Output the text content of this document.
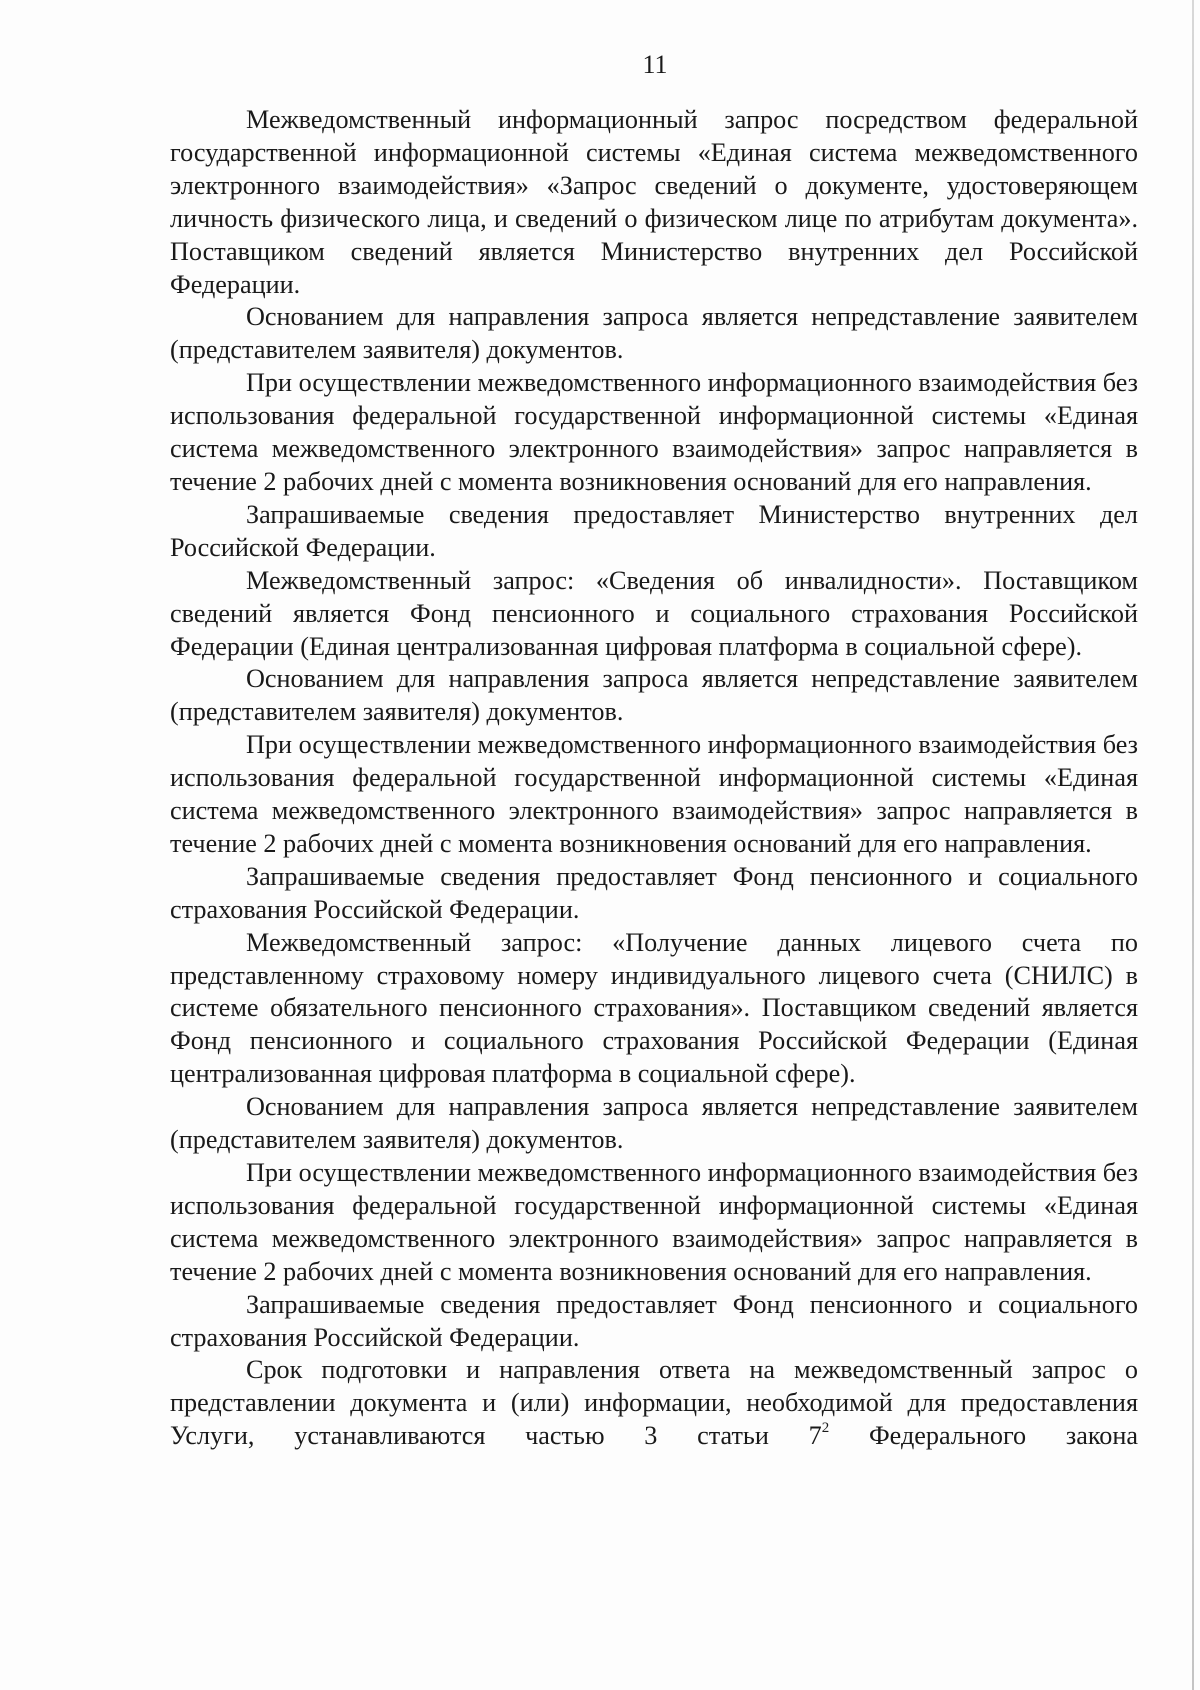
11

Межведомственный информационный запрос посредством федеральной государственной информационной системы «Единая система межведомственного электронного взаимодействия» «Запрос сведений о документе, удостоверяющем личность физического лица, и сведений о физическом лице по атрибутам документа». Поставщиком сведений является Министерство внутренних дел Российской Федерации.

Основанием для направления запроса является непредставление заявителем (представителем заявителя) документов.

При осуществлении межведомственного информационного взаимодействия без использования федеральной государственной информационной системы «Единая система межведомственного электронного взаимодействия» запрос направляется в течение 2 рабочих дней с момента возникновения оснований для его направления.

Запрашиваемые сведения предоставляет Министерство внутренних дел Российской Федерации.

Межведомственный запрос: «Сведения об инвалидности». Поставщиком сведений является Фонд пенсионного и социального страхования Российской Федерации (Единая централизованная цифровая платформа в социальной сфере).

Основанием для направления запроса является непредставление заявителем (представителем заявителя) документов.

При осуществлении межведомственного информационного взаимодействия без использования федеральной государственной информационной системы «Единая система межведомственного электронного взаимодействия» запрос направляется в течение 2 рабочих дней с момента возникновения оснований для его направления.

Запрашиваемые сведения предоставляет Фонд пенсионного и социального страхования Российской Федерации.

Межведомственный запрос: «Получение данных лицевого счета по представленному страховому номеру индивидуального лицевого счета (СНИЛС) в системе обязательного пенсионного страхования». Поставщиком сведений является Фонд пенсионного и социального страхования Российской Федерации (Единая централизованная цифровая платформа в социальной сфере).

Основанием для направления запроса является непредставление заявителем (представителем заявителя) документов.

При осуществлении межведомственного информационного взаимодействия без использования федеральной государственной информационной системы «Единая система межведомственного электронного взаимодействия» запрос направляется в течение 2 рабочих дней с момента возникновения оснований для его направления.

Запрашиваемые сведения предоставляет Фонд пенсионного и социального страхования Российской Федерации.

Срок подготовки и направления ответа на межведомственный запрос о представлении документа и (или) информации, необходимой для предоставления Услуги, устанавливаются частью 3 статьи $7^2$ Федерального закона
